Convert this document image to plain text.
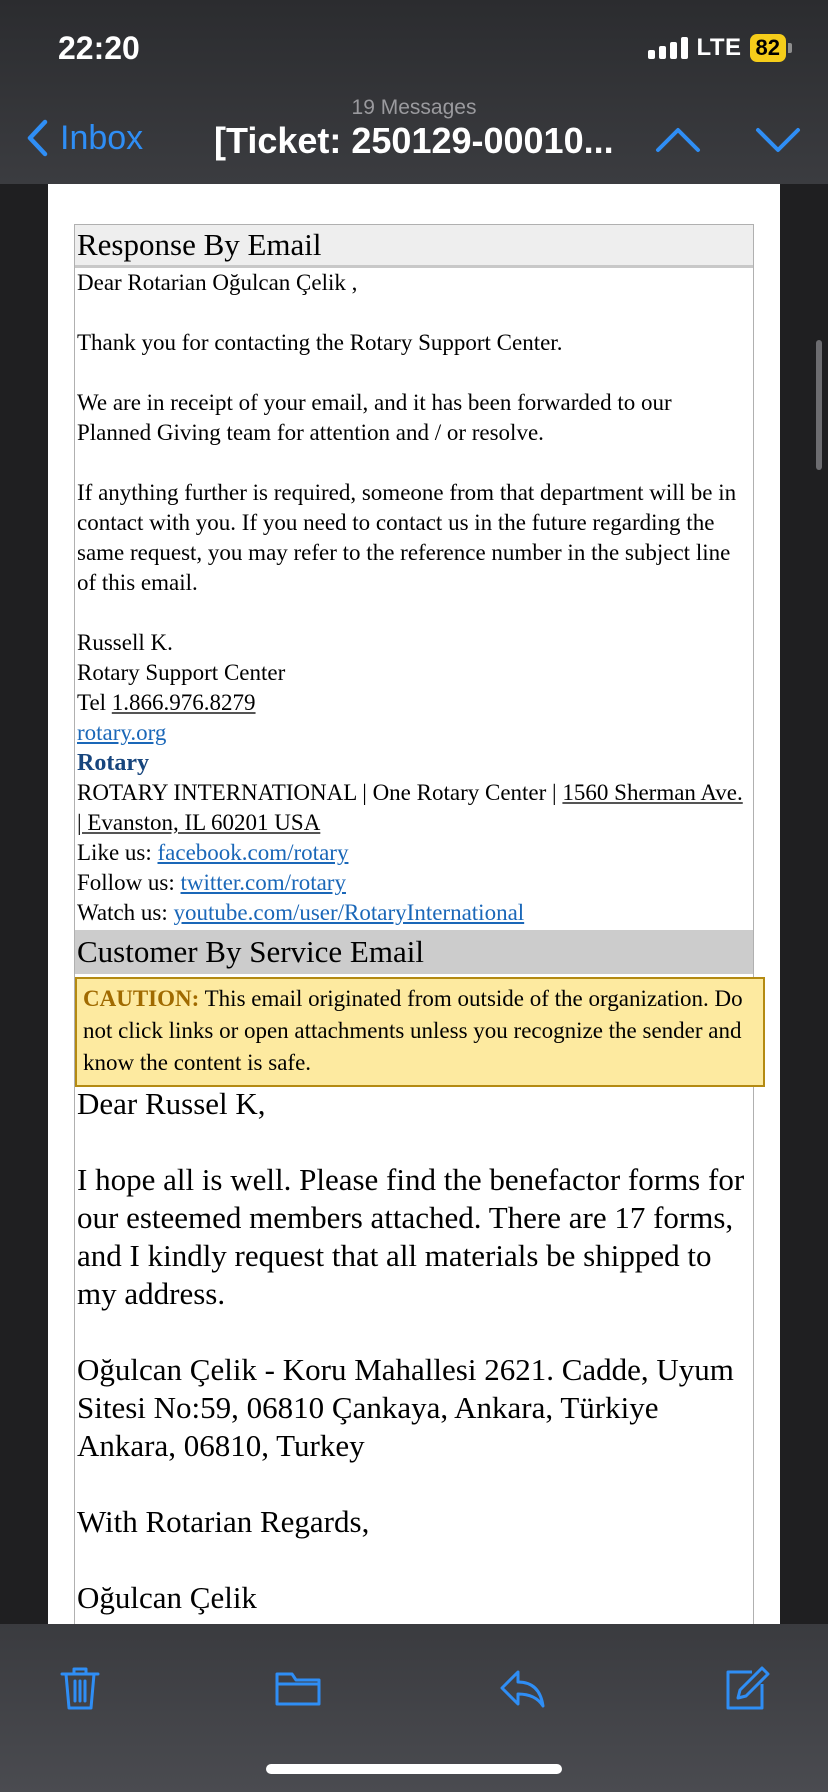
22:20	LTE 82
19 Messages
Inbox [Ticket: 250129-00010...
Response By Email

Dear Rotarian Oğulcan Çelik ,

Thank you for contacting the Rotary Support Center.

We are in receipt of your email, and it has been forwarded to our Planned Giving team for attention and / or resolve.

If anything further is required, someone from that department will be in contact with you. If you need to contact us in the future regarding the same request, you may refer to the reference number in the subject line of this email.

Russell K.

Rotary Support Center

Tel 1.866.976.8279

rotary.org

Rotary

ROTARY INTERNATIONAL | One Rotary Center | 1560 Sherman Ave. | Evanston, IL 60201 USA

Like us: facebook.com/rotary

Follow us: twitter.com/rotary

Watch us: youtube.com/user/RotaryInternational

Customer By Service Email
CAUTION: This email originated from outside of the organization. Do not click links or open attachments unless you recognize the sender and know the content is safe.

Dear Russel K,

I hope all is well. Please find the benefactor forms for our esteemed members attached. There are 17 forms, and I kindly request that all materials be shipped to my address.

Oğulcan Çelik - Koru Mahallesi 2621. Cadde, Uyum Sitesi No:59, 06810 Çankaya, Ankara, Türkiye Ankara, 06810, Turkey

With Rotarian Regards,

Oğulcan Çelik
